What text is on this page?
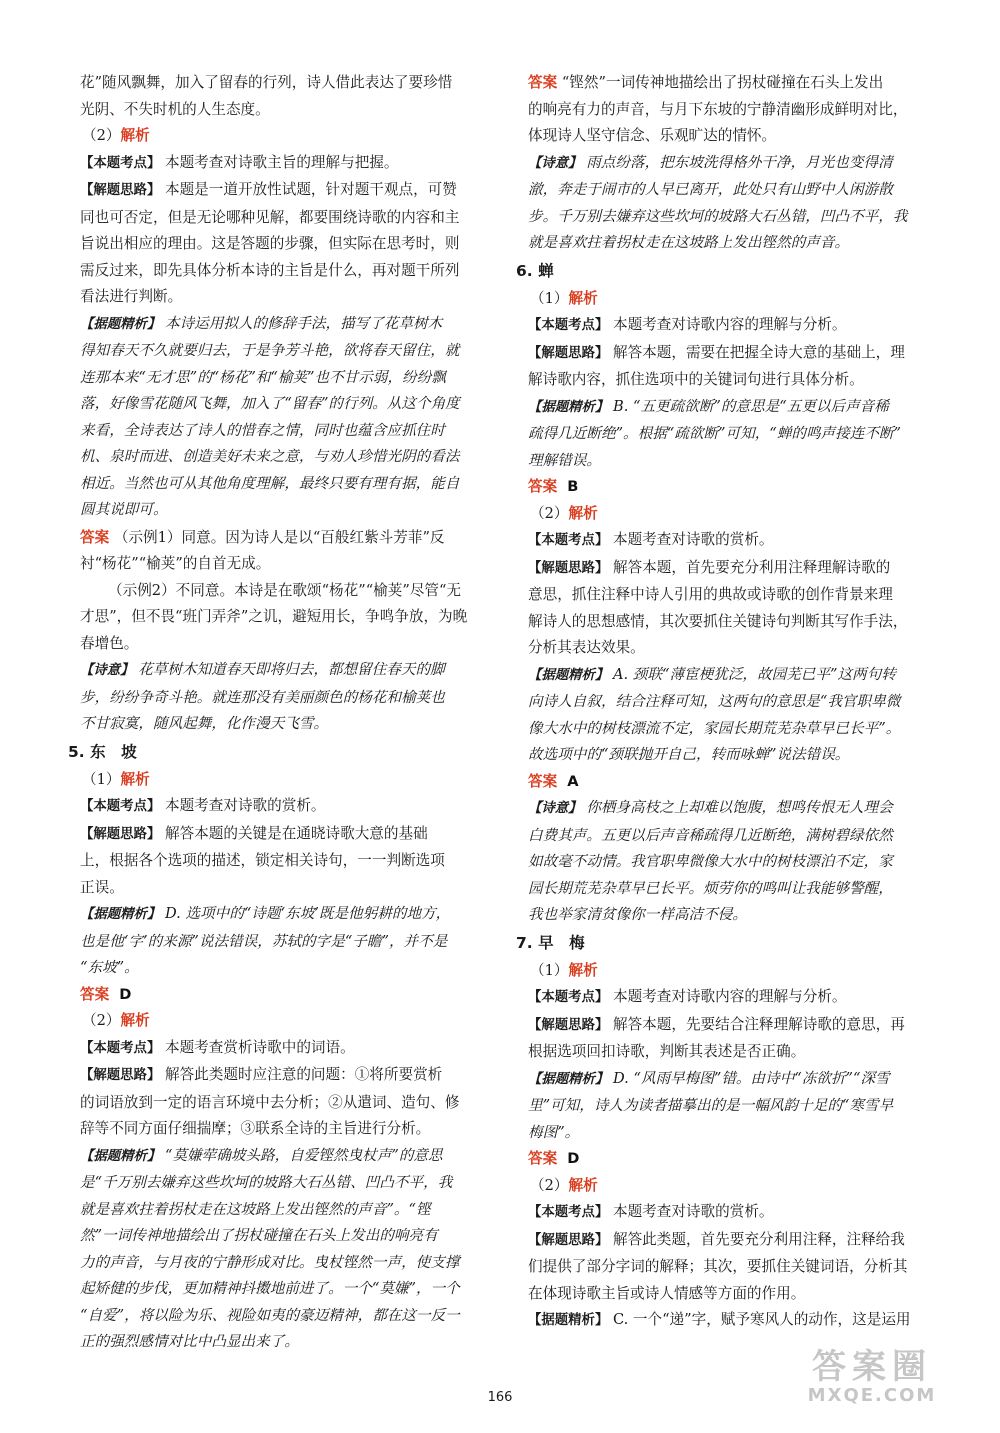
花”随风飘舞，加入了留春的行列，诗人借此表达了要珍惜
光阴、不失时机的人生态度。
（2）解析
【 本题考点 】 本题考查对诗歌主旨的理解与把握。
【 解题思路 】 本题是一道开放性试题，针对题干观点，可赞
同也可否定，但是无论哪种见解，都要围绕诗歌的内容和主
旨说出相应的理由。这是答题的步骤，但实际在思考时，则
需反过来，即先具体分析本诗的主旨是什么，再对题干所列
看法进行判断。
【 据题精析 】 本诗运用拟人的修辞手法，描写了花草树木
得知春天不久就要归去，于是争芳斗艳，欲将春天留住，就
连那本来“无才思”的“杨花”和“榆荚”也不甘示弱，纷纷飘
落，好像雪花随风飞舞，加入了“留春”的行列。从这个角度
来看，全诗表达了诗人的惜春之情，同时也蕴含应抓住时
机、泉时而进、创造美好未来之意，与劝人珍惜光阴的看法
相近。当然也可从其他角度理解，最终只要有理有据，能自
圆其说即可。
答案 （示例1）同意。因为诗人是以“百般红紫斗芳菲”反
衬“杨花”“榆荚”的自首无成。
（示例2）不同意。本诗是在歌颂“杨花”“榆荚”尽管“无
才思”，但不畏“班门弄斧”之讥，避短用长，争鸣争放，为晚
春增色。
【 诗意 】 花草树木知道春天即将归去，都想留住春天的脚
步，纷纷争奇斗艳。就连那没有美丽颜色的杨花和榆荚也
不甘寂寞，随风起舞，化作漫天飞雪。
5. 东　坡
（1）解析
【 本题考点 】 本题考查对诗歌的赏析。
【 解题思路 】 解答本题的关键是在通晓诗歌大意的基础
上，根据各个选项的描述，锁定相关诗句，一一判断选项
正误。
【 据题精析 】 D. 选项中的“诗题‘东坡’既是他躬耕的地方，
也是他‘字’的来源”说法错误，苏轼的字是“子瞻”，并不是
“东坡”。
答案 D
（2）解析
【 本题考点 】 本题考查赏析诗歌中的词语。
【 解题思路 】 解答此类题时应注意的问题：①将所要赏析
的词语放到一定的语言环境中去分析；②从遣词、造句、修
辞等不同方面仔细揣摩；③联系全诗的主旨进行分析。
【 据题精析 】 “莫嫌荦确坡头路，自爱铿然曳杖声”的意思
是“千万别去嫌弃这些坎坷的坡路大石丛错、凹凸不平，我
就是喜欢拄着拐杖走在这坡路上发出铿然的声音”。“铿
然”一词传神地描绘出了拐杖碰撞在石头上发出的响亮有
力的声音，与月夜的宁静形成对比。曳杖铿然一声，使支撑
起矫健的步伐，更加精神抖擞地前进了。一个“莫嫌”，一个
“自爱”，将以险为乐、视险如夷的豪迈精神，都在这一反一
正的强烈感情对比中凸显出来了。
答案 “铿然”一词传神地描绘出了拐杖碰撞在石头上发出
的响亮有力的声音，与月下东坡的宁静清幽形成鲜明对比，
体现诗人坚守信念、乐观旷达的情怀。
【 诗意 】 雨点纷落，把东坡洗得格外干净，月光也变得清
澈，奔走于闹市的人早已离开，此处只有山野中人闲游散
步。千万别去嫌弃这些坎坷的坡路大石丛错，凹凸不平，我
就是喜欢拄着拐杖走在这坡路上发出铿然的声音。
6. 蝉
（1）解析
【 本题考点 】 本题考查对诗歌内容的理解与分析。
【 解题思路 】 解答本题，需要在把握全诗大意的基础上，理
解诗歌内容，抓住选项中的关键词句进行具体分析。
【 据题精析 】 B. “五更疏欲断”的意思是“五更以后声音稀
疏得几近断绝”。根据“疏欲断”可知，“蝉的鸣声接连不断”
理解错误。
答案 B
（2）解析
【 本题考点 】 本题考查对诗歌的赏析。
【 解题思路 】 解答本题，首先要充分利用注释理解诗歌的
意思，抓住注释中诗人引用的典故或诗歌的创作背景来理
解诗人的思想感情，其次要抓住关键诗句判断其写作手法，
分析其表达效果。
【 据题精析 】 A. 颈联“薄宦梗犹泛，故园芜已平”这两句转
向诗人自叙，结合注释可知，这两句的意思是“我官职卑微
像大水中的树枝漂流不定，家园长期荒芜杂草早已长平”。
故选项中的“颈联抛开自己，转而咏蝉”说法错误。
答案 A
【 诗意 】 你栖身高枝之上却难以饱腹，想鸣传恨无人理会
白费其声。五更以后声音稀疏得几近断绝，满树碧绿依然
如故毫不动情。我官职卑微像大水中的树枝漂泊不定，家
园长期荒芜杂草早已长平。烦劳你的鸣叫让我能够警醒，
我也举家清贫像你一样高洁不侵。
7. 早　梅
（1）解析
【 本题考点 】 本题考查对诗歌内容的理解与分析。
【 解题思路 】 解答本题，先要结合注释理解诗歌的意思，再
根据选项回扣诗歌，判断其表述是否正确。
【 据题精析 】 D. “风雨早梅图”错。由诗中“冻欲折”“深雪
里”可知，诗人为读者描摹出的是一幅风韵十足的“寒雪早
梅图”。
答案 D
（2）解析
【 本题考点 】 本题考查对诗歌的赏析。
【 解题思路 】 解答此类题，首先要充分利用注释，注释给我
们提供了部分字词的解释；其次，要抓住关键词语，分析其
在体现诗歌主旨或诗人情感等方面的作用。
【 据题精析 】 C. 一个“递”字，赋予寒风人的动作，这是运用
166
答案圈
MXQE.COM
